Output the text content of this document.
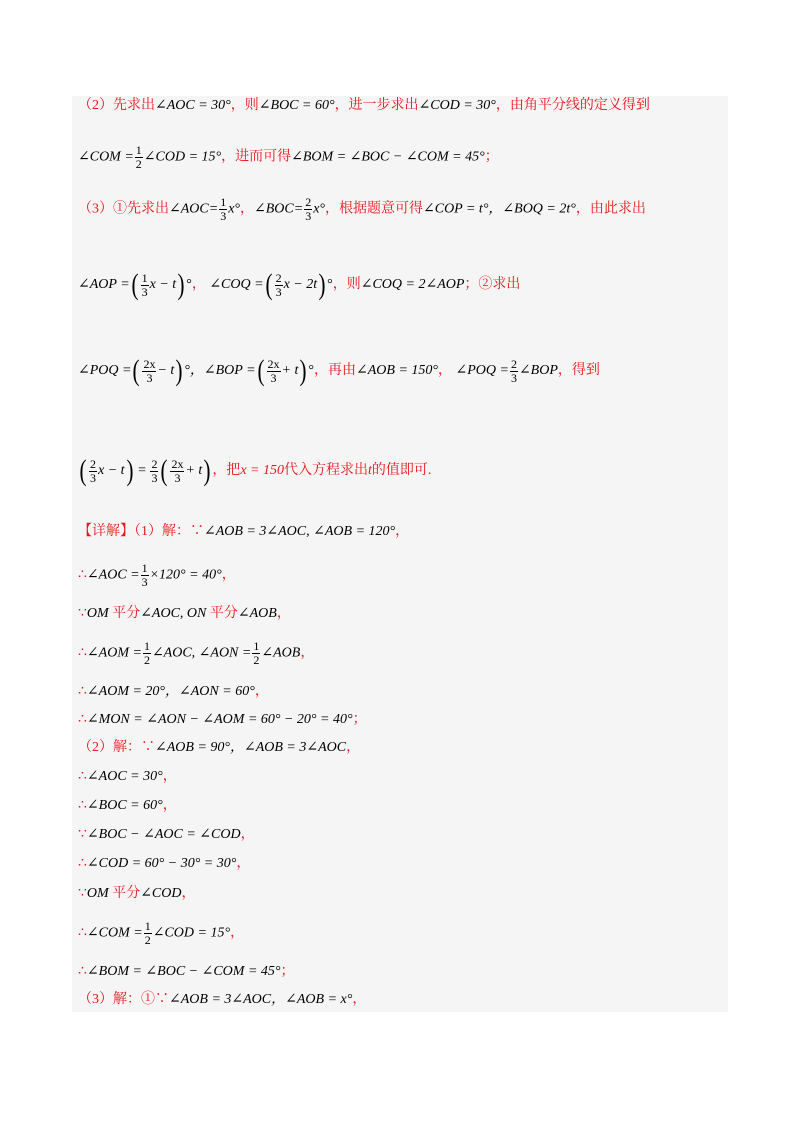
（2）先求出∠AOC = 30°，则∠BOC = 60°，进一步求出∠COD = 30°，由角平分线的定义得到
∠COM = $\frac{1}{2}$ ∠COD = 15°，进而可得∠BOM = ∠BOC − ∠COM = 45°；
（3）①先求出∠AOC= $\frac{1}{3} x^\circ$，∠BOC= $\frac{2}{3} x^\circ$，根据题意可得∠COP = t°，∠BOQ = 2t°，由此求出
∠AOP =( $\frac{1}{3}$ x − t) °， ∠COQ =( $\frac{2}{3}$ x − 2t) °，则∠COQ = 2∠AOP；②求出
∠POQ =( $\frac{2x}{3} - t$) °，∠BOP =( $\frac{2x}{3} + t$) °，再由∠AOB = 150°， ∠POQ = $\frac{2}{3}$ ∠BOP，得到
( $\frac{2}{3}$ $x - t) = \frac{2}{3}$ ( $\frac{2x}{3} + t$) ，把x = 150代入方程求出t的值即可.
【详解】（1）解：∵∠AOB = 3∠AOC, ∠AOB = 120°，
∴∠AOC = $\frac{1}{3} \times 120^\circ = 40^\circ$，
∵OM 平分∠AOC, ON 平分∠AOB，
∴∠AOM = $\frac{1}{2}$ ∠AOC, ∠AON = $\frac{1}{2}$ ∠AOB，
∴∠AOM = 20°，∠AON = 60°，
∴∠MON = ∠AON − ∠AOM = 60° − 20° = 40°；
（2）解：∵∠AOB = 90°，∠AOB = 3∠AOC，
∴∠AOC = 30°，
∴∠BOC = 60°，
∵∠BOC − ∠AOC = ∠COD，
∴∠COD = 60° − 30° = 30°，
∵OM 平分∠COD，
∴∠COM = $\frac{1}{2}$ ∠COD = 15°，
∴∠BOM = ∠BOC − ∠COM = 45°；
（3）解：①∵∠AOB = 3∠AOC，∠AOB = x°，
